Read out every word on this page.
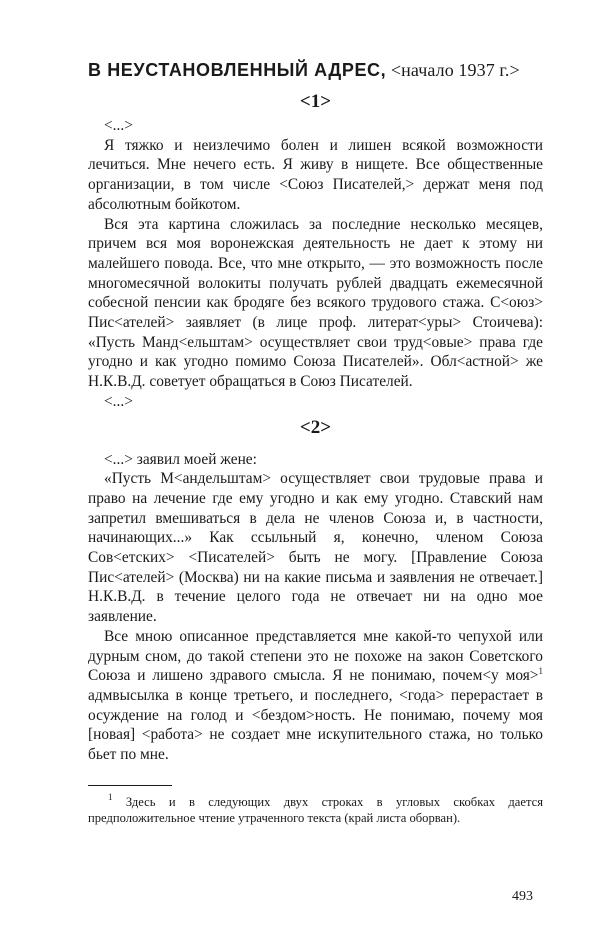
В НЕУСТАНОВЛЕННЫЙ АДРЕС, <начало 1937 г.>
<1>
<...>

Я тяжко и неизлечимо болен и лишен всякой возможности лечиться. Мне нечего есть. Я живу в нищете. Все общественные организации, в том числе <Союз Писателей,> держат меня под абсолютным бойкотом.

Вся эта картина сложилась за последние несколько месяцев, причем вся моя воронежская деятельность не дает к этому ни малейшего повода. Все, что мне открыто, — это возможность после многомесячной волокиты получать рублей двадцать ежемесячной собесной пенсии как бродяге без всякого трудового стажа. С<оюз> Пис<ателей> заявляет (в лице проф. литерат<уры> Стоичева): «Пусть Манд<ельштам> осуществляет свои труд<овые> права где угодно и как угодно помимо Союза Писателей». Обл<астной> же Н.К.В.Д. советует обращаться в Союз Писателей.

<...>
<2>

<...> заявил моей жене:

«Пусть М<андельштам> осуществляет свои трудовые права и право на лечение где ему угодно и как ему угодно. Ставский нам запретил вмешиваться в дела не членов Союза и, в частности, начинающих...» Как ссыльный я, конечно, членом Союза Сов<етских> <Писателей> быть не могу. [Правление Союза Пис<ателей> (Москва) ни на какие письма и заявления не отвечает.] Н.К.В.Д. в течение целого года не отвечает ни на одно мое заявление.

Все мною описанное представляется мне какой-то чепухой или дурным сном, до такой степени это не похоже на закон Советского Союза и лишено здравого смысла. Я не понимаю, почем<у моя>$^1$ адмвысылка в конце третьего, и последнего, <года> перерастает в осуждение на голод и <бездом>ность. Не понимаю, почему моя [новая] <работа> не создает мне искупительного стажа, но только бьет по мне.

$^1$ Здесь и в следующих двух строках в угловых скобках дается предположительное чтение утраченного текста (край листа оборван).

493
